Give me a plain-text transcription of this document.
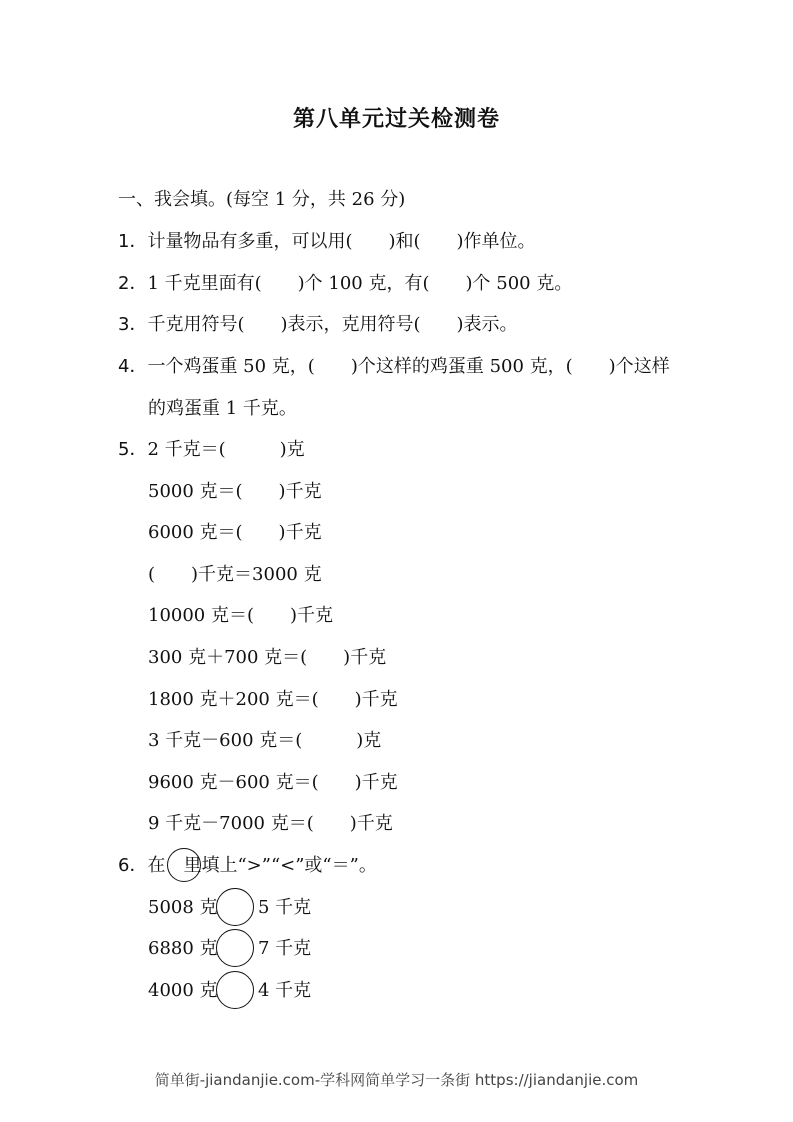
第八单元过关检测卷
一、我会填。(每空 1 分，共 26 分)
1．计量物品有多重，可以用(　　)和(　　)作单位。
2．1 千克里面有(　　)个 100 克，有(　　)个 500 克。
3．千克用符号(　　)表示，克用符号(　　)表示。
4．一个鸡蛋重 50 克，(　　)个这样的鸡蛋重 500 克，(　　)个这样
的鸡蛋重 1 千克。
5．2 千克＝(　　　)克
5000 克＝(　　)千克
6000 克＝(　　)千克
(　　)千克＝3000 克
10000 克＝(　　)千克
300 克＋700 克＝(　　)千克
1800 克＋200 克＝(　　)千克
3 千克－600 克＝(　　　)克
9600 克－600 克＝(　　)千克
9 千克－7000 克＝(　　)千克
6．在　里填上“>”“<”或“＝”。
5008 克 5 千克
6880 克 7 千克
4000 克 4 千克
简单街-jiandanjie.com-学科网简单学习一条街 https://jiandanjie.com
